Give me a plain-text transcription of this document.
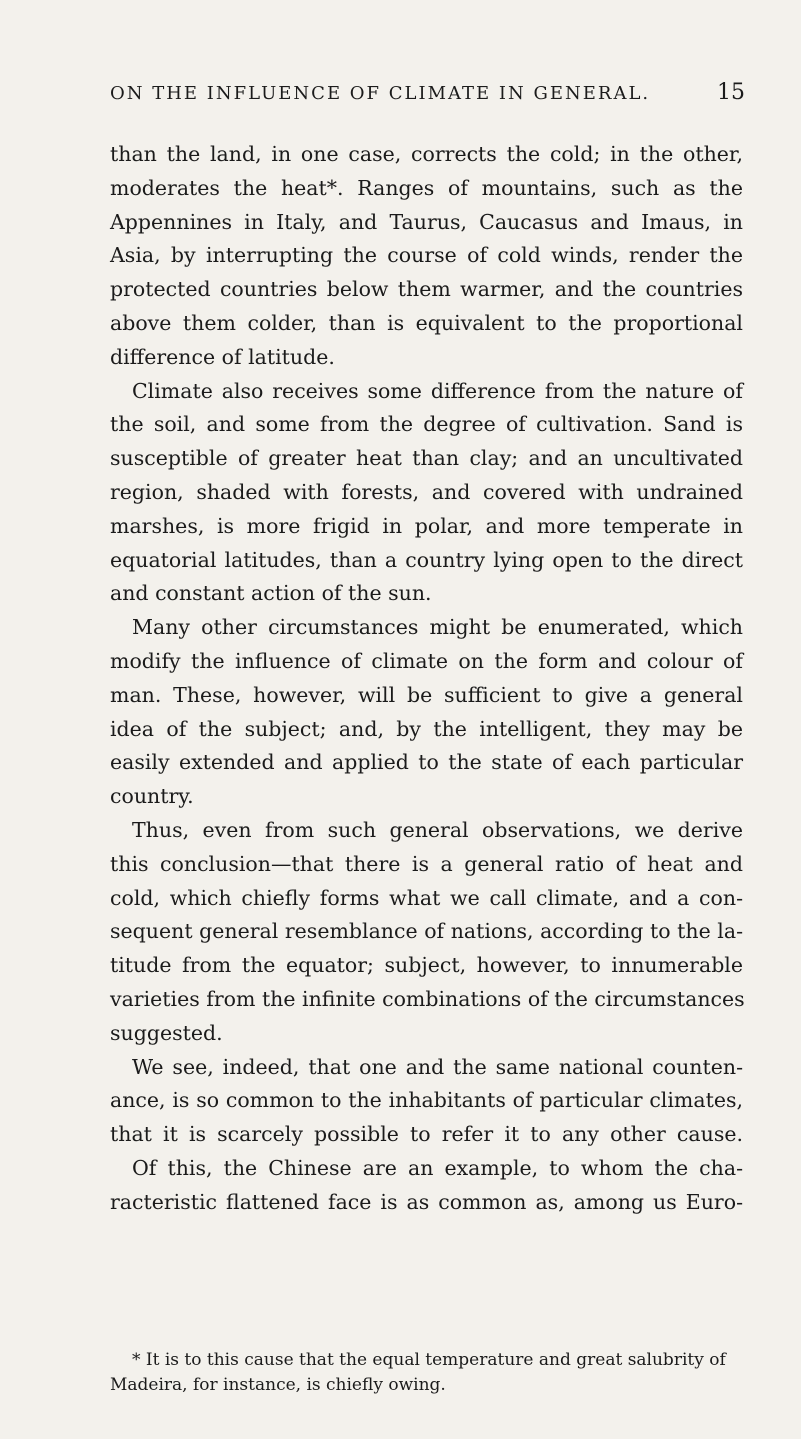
ON THE INFLUENCE OF CLIMATE IN GENERAL.	15
than the land, in one case, corrects the cold; in the other,
moderates the heat*. Ranges of mountains, such as the
Appennines in Italy, and Taurus, Caucasus and Imaus, in
Asia, by interrupting the course of cold winds, render the
protected countries below them warmer, and the countries
above them colder, than is equivalent to the proportional
difference of latitude.
Climate also receives some difference from the nature of
the soil, and some from the degree of cultivation. Sand is
susceptible of greater heat than clay; and an uncultivated
region, shaded with forests, and covered with undrained
marshes, is more frigid in polar, and more temperate in
equatorial latitudes, than a country lying open to the direct
and constant action of the sun.
Many other circumstances might be enumerated, which
modify the influence of climate on the form and colour of
man. These, however, will be sufficient to give a general
idea of the subject; and, by the intelligent, they may be
easily extended and applied to the state of each particular
country.
Thus, even from such general observations, we derive
this conclusion—that there is a general ratio of heat and
cold, which chiefly forms what we call climate, and a con-
sequent general resemblance of nations, according to the la-
titude from the equator; subject, however, to innumerable
varieties from the infinite combinations of the circumstances
suggested.
We see, indeed, that one and the same national counten-
ance, is so common to the inhabitants of particular climates,
that it is scarcely possible to refer it to any other cause.
Of this, the Chinese are an example, to whom the cha-
racteristic flattened face is as common as, among us Euro-
* It is to this cause that the equal temperature and great salubrity of
Madeira, for instance, is chiefly owing.
